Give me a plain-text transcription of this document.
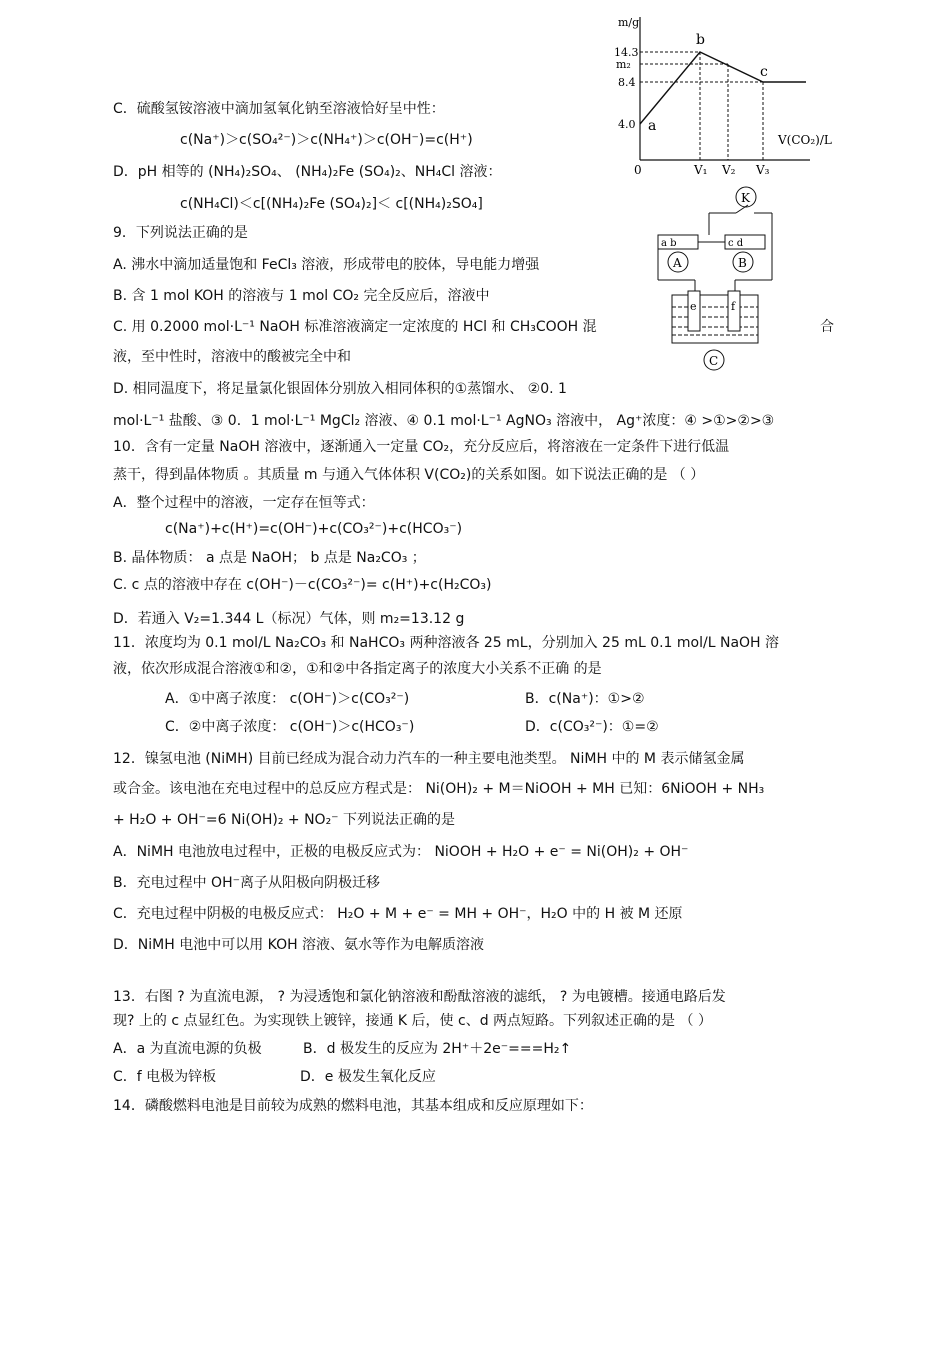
C．硫酸氢铵溶液中滴加氢氧化钠至溶液恰好呈中性：
c(Na⁺)＞c(SO₄²⁻)＞c(NH₄⁺)＞c(OH⁻)=c(H⁺)
D．pH 相等的 (NH₄)₂SO₄、 (NH₄)₂Fe (SO₄)₂、NH₄Cl 溶液：
c(NH₄Cl)＜c[(NH₄)₂Fe (SO₄)₂]＜ c[(NH₄)₂SO₄]
9．下列说法正确的是
A. 沸水中滴加适量饱和 FeCl₃ 溶液，形成带电的胶体，导电能力增强
B. 含 1 mol KOH 的溶液与 1 mol CO₂ 完全反应后，溶液中
C. 用 0.2000 mol·L⁻¹ NaOH 标准溶液滴定一定浓度的 HCl 和 CH₃COOH 混	合
液，至中性时，溶液中的酸被完全中和
D. 相同温度下，将足量氯化银固体分别放入相同体积的①蒸馏水、 ②0. 1
mol·L⁻¹ 盐酸、③ 0．1 mol·L⁻¹ MgCl₂ 溶液、④ 0.1 mol·L⁻¹ AgNO₃ 溶液中， Ag⁺浓度：④ >①>②>③
10．含有一定量 NaOH 溶液中，逐渐通入一定量 CO₂，充分反应后，将溶液在一定条件下进行低温
蒸干，得到晶体物质 。其质量 m 与通入气体体积 V(CO₂)的关系如图。如下说法正确的是 （ ）
A．整个过程中的溶液，一定存在恒等式：
c(Na⁺)+c(H⁺)=c(OH⁻)+c(CO₃²⁻)+c(HCO₃⁻)
B. 晶体物质： a 点是 NaOH； b 点是 Na₂CO₃ ；
C. c 点的溶液中存在 c(OH⁻)－c(CO₃²⁻)= c(H⁺)+c(H₂CO₃)
D．若通入 V₂=1.344 L（标况）气体，则 m₂=13.12 g
11．浓度均为 0.1 mol/L Na₂CO₃ 和 NaHCO₃ 两种溶液各 25 mL，分别加入 25 mL 0.1 mol/L NaOH 溶
液，依次形成混合溶液①和②，①和②中各指定离子的浓度大小关系不正确 的是
A．①中离子浓度： c(OH⁻)＞c(CO₃²⁻)	B．c(Na⁺)：①>②
C．②中离子浓度： c(OH⁻)＞c(HCO₃⁻)	D．c(CO₃²⁻)：①=②
12．镍氢电池 (NiMH) 目前已经成为混合动力汽车的一种主要电池类型。 NiMH 中的 M 表示储氢金属
或合金。该电池在充电过程中的总反应方程式是： Ni(OH)₂ + M＝NiOOH + MH 已知：6NiOOH + NH₃
+ H₂O + OH⁻=6 Ni(OH)₂ + NO₂⁻ 下列说法正确的是
A．NiMH 电池放电过程中，正极的电极反应式为： NiOOH + H₂O + e⁻ = Ni(OH)₂ + OH⁻
B．充电过程中 OH⁻离子从阳极向阴极迁移
C．充电过程中阴极的电极反应式： H₂O + M + e⁻ = MH + OH⁻，H₂O 中的 H 被 M 还原
D．NiMH 电池中可以用 KOH 溶液、氨水等作为电解质溶液
13．右图 ? 为直流电源， ? 为浸透饱和氯化钠溶液和酚酞溶液的滤纸， ? 为电镀槽。接通电路后发
现? 上的 c 点显红色。为实现铁上镀锌，接通 K 后，使 c、d 两点短路。下列叙述正确的是 （ ）
A．a 为直流电源的负极	B．d 极发生的反应为 2H⁺＋2e⁻===H₂↑
C．f 电极为锌板	D．e 极发生氧化反应
14．磷酸燃料电池是目前较为成熟的燃料电池，其基本组成和反应原理如下：
m/g
14.3
m₂
8.4
4.0
0	V₁ V₂ V₃
a
b
c
V(CO₂)/L
K
a b	c d
A	B
e	f
C
